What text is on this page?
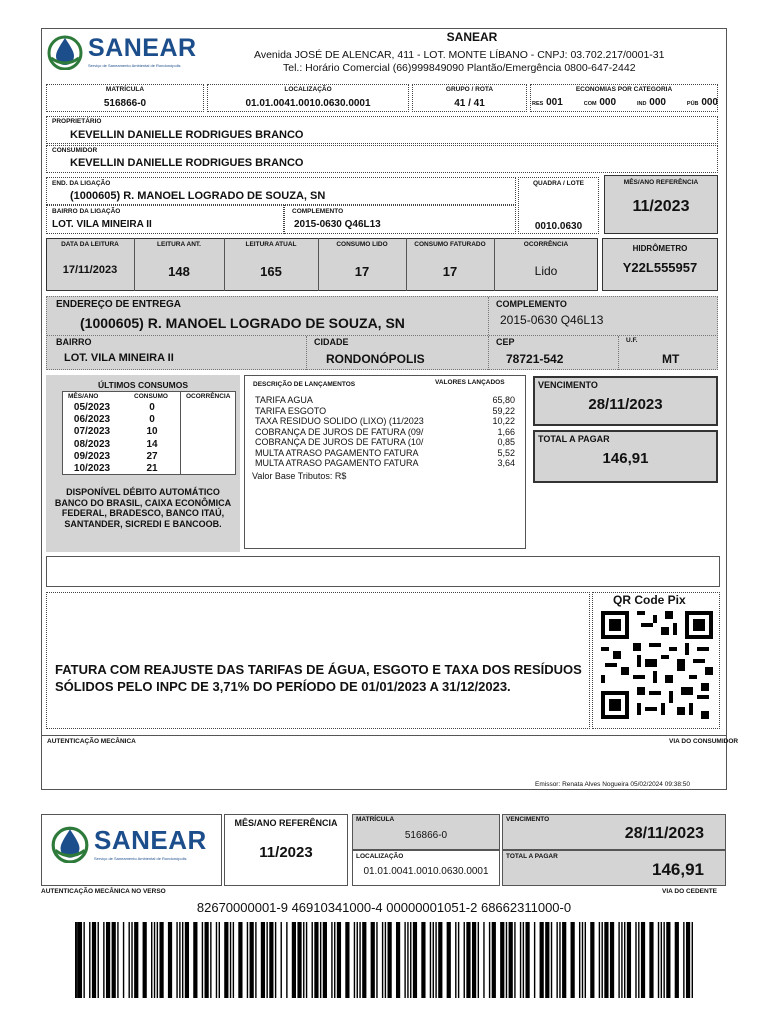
SANEAR
Serviço de Saneamento Ambiental de Rondonópolis
SANEAR
Avenida JOSÉ DE ALENCAR, 411 - LOT. MONTE LÍBANO - CNPJ: 03.702.217/0001-31
Tel.: Horário Comercial (66)999849090 Plantão/Emergência 0800-647-2442
MATRÍCULA
516866-0
LOCALIZAÇÃO
01.01.0041.0010.0630.0001
GRUPO / ROTA
41 / 41
ECONOMIAS POR CATEGORIA
RES 001	COM 000	IND 000	PÚB 000
PROPRIETÁRIO
KEVELLIN DANIELLE RODRIGUES BRANCO
CONSUMIDOR
KEVELLIN DANIELLE RODRIGUES BRANCO
END. DA LIGAÇÃO
(1000605) R. MANOEL LOGRADO DE SOUZA, SN
QUADRA / LOTE
0010.0630
BAIRRO DA LIGAÇÃO
LOT. VILA MINEIRA II
COMPLEMENTO
2015-0630 Q46L13
MÊS/ANO REFERÊNCIA
11/2023
DATA DA LEITURA
17/11/2023
LEITURA ANT.
148
LEITURA ATUAL
165
CONSUMO LIDO
17
CONSUMO FATURADO
17
OCORRÊNCIA
Lido
HIDRÔMETRO
Y22L555957
ENDEREÇO DE ENTREGA
(1000605) R. MANOEL LOGRADO DE SOUZA, SN
COMPLEMENTO
2015-0630 Q46L13
BAIRRO
LOT. VILA MINEIRA II
CIDADE
RONDONÓPOLIS
CEP
78721-542
U.F.
MT
ÚLTIMOS CONSUMOS
MÊS/ANO	CONSUMO	OCORRÊNCIA
05/2023	0
06/2023	0
07/2023	10
08/2023	14
09/2023	27
10/2023	21
DISPONÍVEL DÉBITO AUTOMÁTICO BANCO DO BRASIL, CAIXA ECONÔMICA FEDERAL, BRADESCO, BANCO ITAÚ, SANTANDER, SICREDI E BANCOOB.
DESCRIÇÃO DE LANÇAMENTOS	VALORES LANÇADOS
TARIFA AGUA	65,80
TARIFA ESGOTO	59,22
TAXA RESIDUO SOLIDO (LIXO) (11/2023	10,22
COBRANÇA DE JUROS DE FATURA (09/	1,66
COBRANÇA DE JUROS DE FATURA (10/	0,85
MULTA ATRASO PAGAMENTO FATURA	5,52
MULTA ATRASO PAGAMENTO FATURA	3,64
Valor Base Tributos: R$
VENCIMENTO
28/11/2023
TOTAL A PAGAR
146,91
FATURA COM REAJUSTE DAS TARIFAS DE ÁGUA, ESGOTO E TAXA DOS RESÍDUOS SÓLIDOS PELO INPC DE 3,71% DO PERÍODO DE 01/01/2023 A 31/12/2023.
QR Code Pix
AUTENTICAÇÃO MECÂNICA	VIA DO CONSUMIDOR
Emissor: Renata Alves Nogueira 05/02/2024 09:38:50
SANEAR
Serviço de Saneamento Ambiental de Rondonópolis
MÊS/ANO REFERÊNCIA
11/2023
MATRÍCULA
516866-0
VENCIMENTO
28/11/2023
LOCALIZAÇÃO
01.01.0041.0010.0630.0001
TOTAL A PAGAR
146,91
AUTENTICAÇÃO MECÂNICA NO VERSO	VIA DO CEDENTE
82670000001-9 46910341000-4 00000001051-2 68662311000-0
